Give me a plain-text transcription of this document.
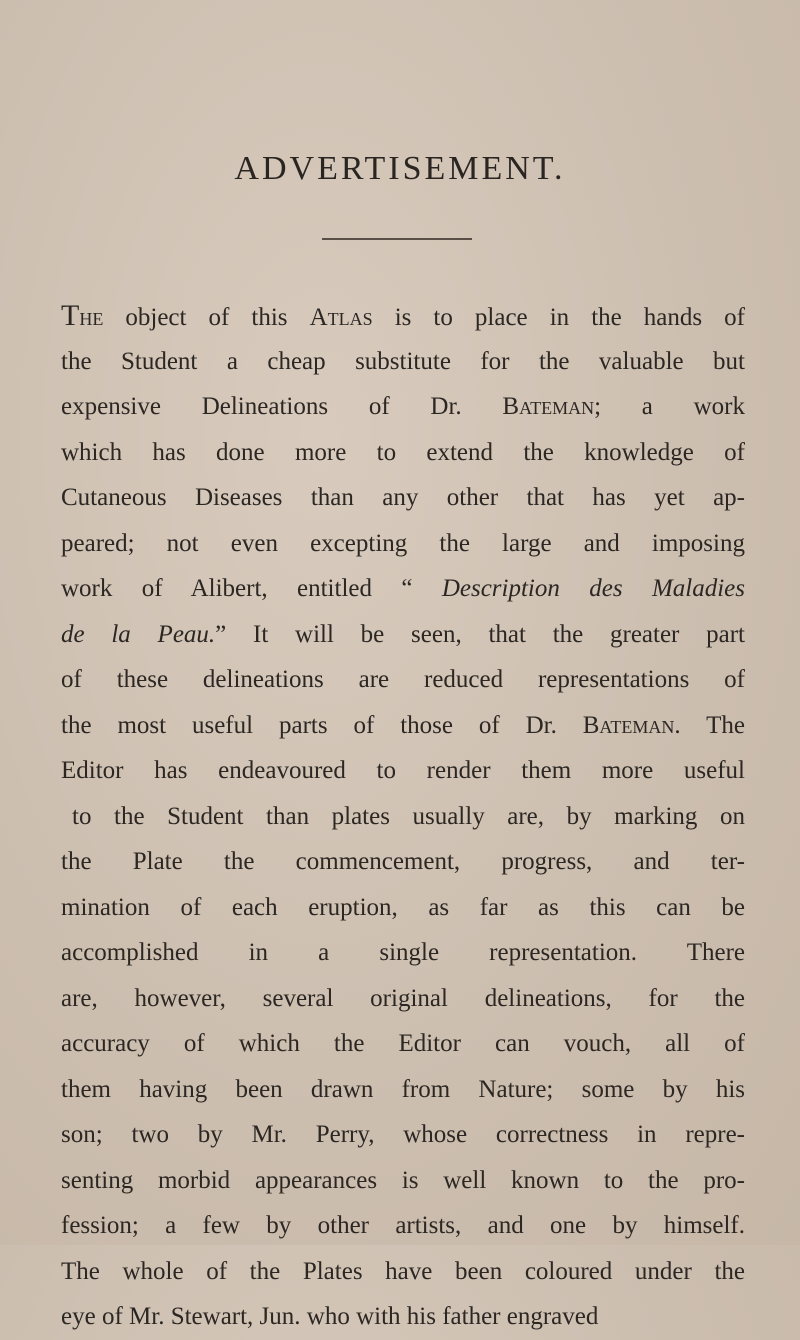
ADVERTISEMENT.
The object of this Atlas is to place in the hands of
the Student a cheap substitute for the valuable but
expensive Delineations of Dr. Bateman; a work
which has done more to extend the knowledge of
Cutaneous Diseases than any other that has yet ap-
peared; not even excepting the large and imposing
work of Alibert, entitled “ Description des Maladies
de la Peau.” It will be seen, that the greater part
of these delineations are reduced representations of
the most useful parts of those of Dr. Bateman. The
Editor has endeavoured to render them more useful
to the Student than plates usually are, by marking on
the Plate the commencement, progress, and ter-
mination of each eruption, as far as this can be
accomplished in a single representation. There
are, however, several original delineations, for the
accuracy of which the Editor can vouch, all of
them having been drawn from Nature; some by his
son; two by Mr. Perry, whose correctness in repre-
senting morbid appearances is well known to the pro-
fession; a few by other artists, and one by himself.
The whole of the Plates have been coloured under the
eye of Mr. Stewart, Jun. who with his father engraved
